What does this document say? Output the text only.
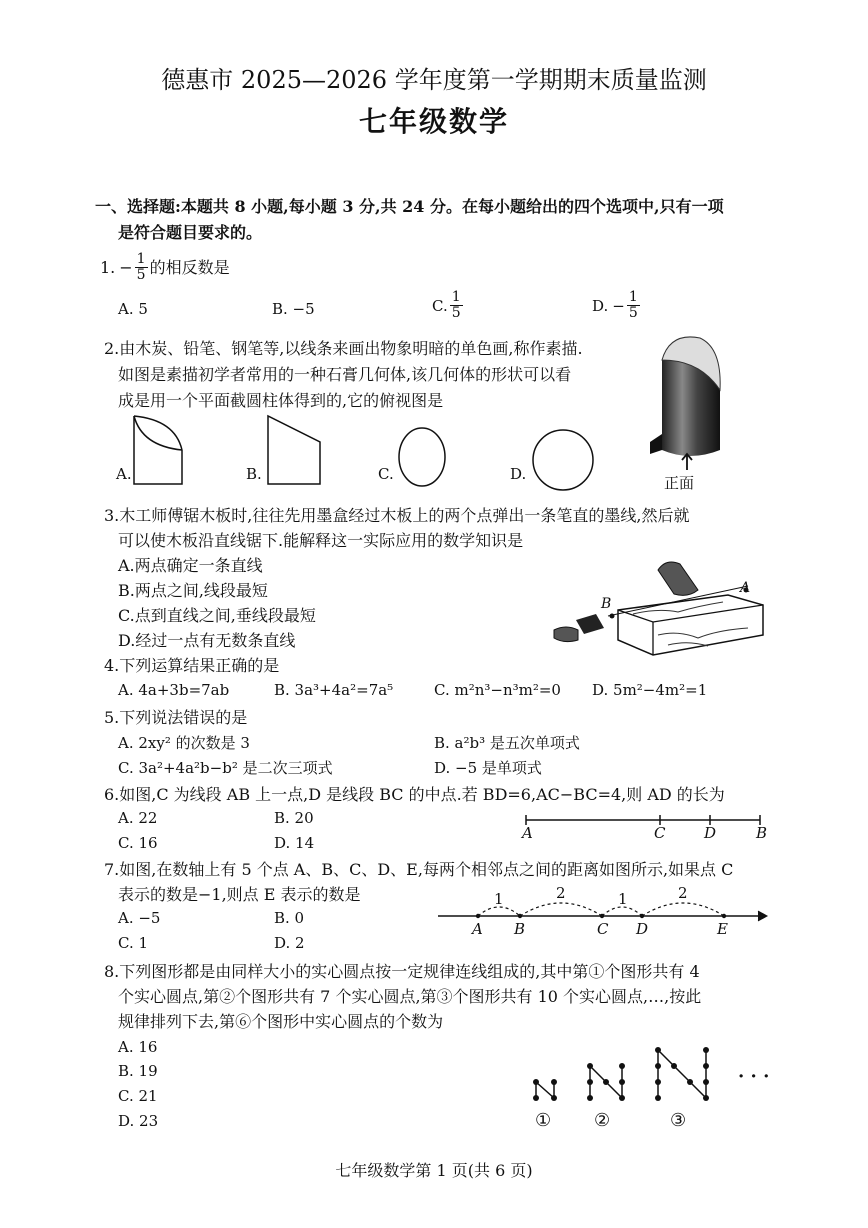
德惠市 2025—2026 学年度第一学期期末质量监测
七年级数学
一、选择题:本题共 8 小题,每小题 3 分,共 24 分。在每小题给出的四个选项中,只有一项
是符合题目要求的。
1. − $\frac{1}{5}$ 的相反数是
A. 5	B. −5	C. $\frac{1}{5}$	D. − $\frac{1}{5}$
2.由木炭、铅笔、钢笔等,以线条来画出物象明暗的单色画,称作素描.
如图是素描初学者常用的一种石膏几何体,该几何体的形状可以看
成是用一个平面截圆柱体得到的,它的俯视图是
A.	B.	C.	D.	正面
3.木工师傅锯木板时,往往先用墨盒经过木板上的两个点弹出一条笔直的墨线,然后就
可以使木板沿直线锯下.能解释这一实际应用的数学知识是
A.两点确定一条直线
B.两点之间,线段最短
C.点到直线之间,垂线段最短
D.经过一点有无数条直线
B
A
4.下列运算结果正确的是
A. 4a+3b=7ab	B. 3a³+4a²=7a⁵	C. m²n³−n³m²=0 D. 5m²−4m²=1
5.下列说法错误的是
A. 2xy² 的次数是 3	B. a²b³ 是五次单项式
C. 3a²+4a²b−b² 是二次三项式	D. −5 是单项式
6.如图,C 为线段 AB 上一点,D 是线段 BC 的中点.若 BD=6,AC−BC=4,则 AD 的长为
A. 22	B. 20
C. 16	D. 14
A	C	D	B
7.如图,在数轴上有 5 个点 A、B、C、D、E,每两个相邻点之间的距离如图所示,如果点 C
表示的数是−1,则点 E 表示的数是
A. −5	B. 0
C. 1	D. 2
1	2	1	2
A B	C D	E
8.下列图形都是由同样大小的实心圆点按一定规律连线组成的,其中第①个图形共有 4
个实心圆点,第②个图形共有 7 个实心圆点,第③个图形共有 10 个实心圆点,…,按此
规律排列下去,第⑥个图形中实心圆点的个数为
A. 16
B. 19
C. 21
D. 23
· · ·
① ②	③
七年级数学第 1 页(共 6 页)
